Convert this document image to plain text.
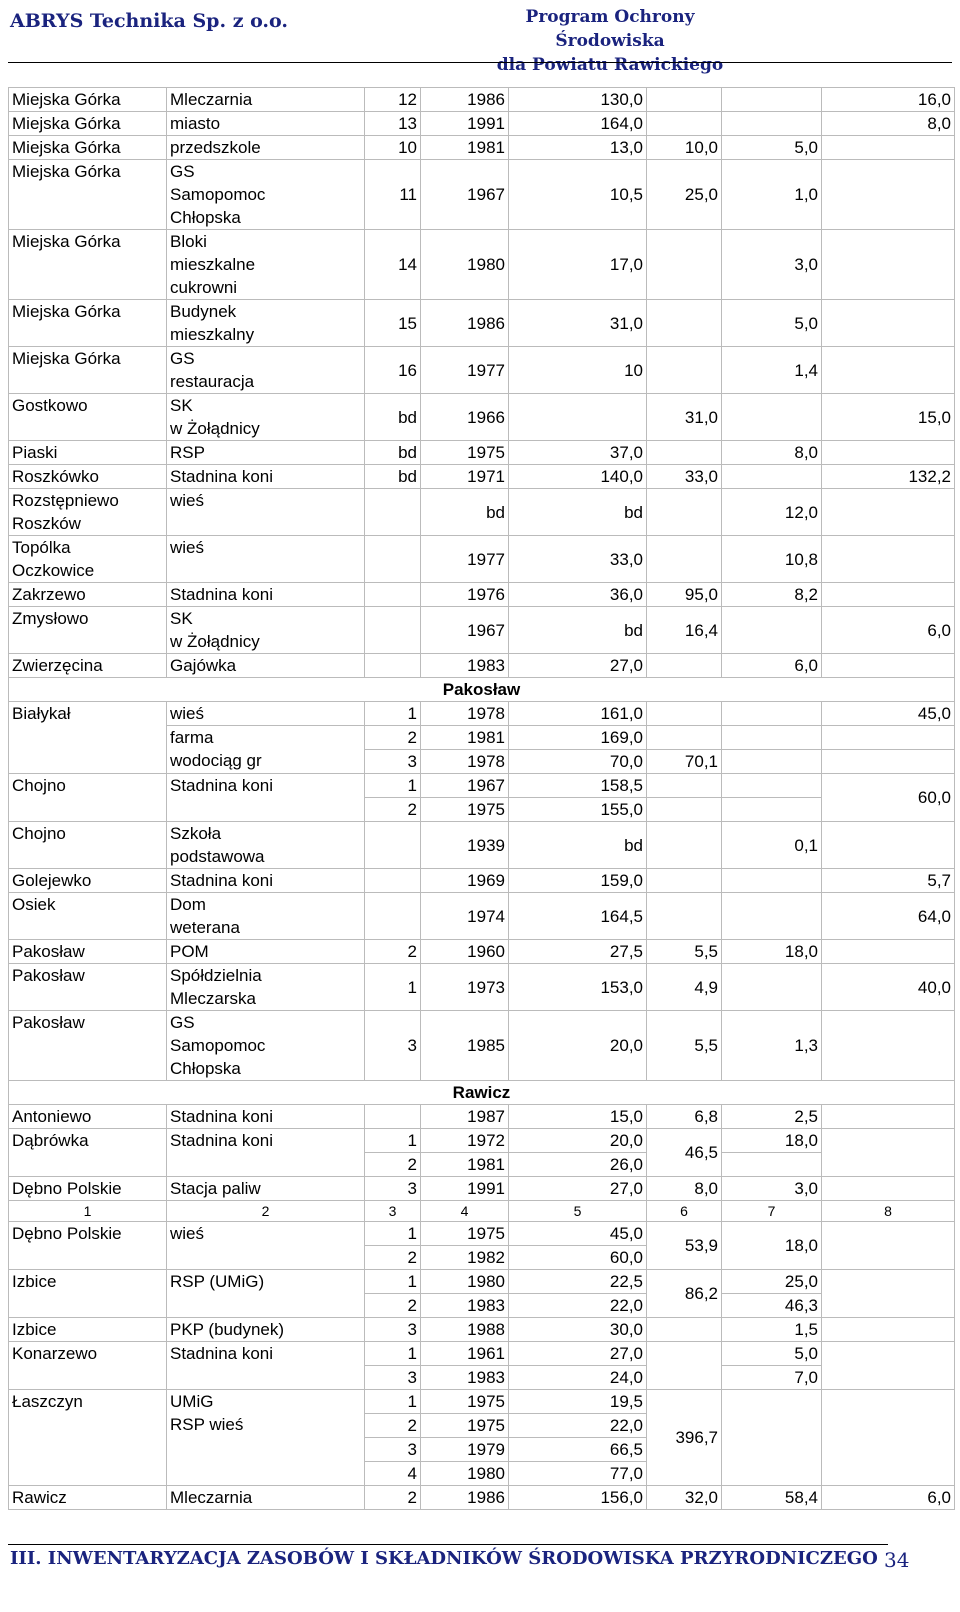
ABRYS Technika Sp. z o.o.	Program Ochrony Środowiska
dla Powiatu Rawickiego
Miejska Górka	Mleczarnia	12	1986	130,0			16,0
Miejska Górka	miasto	13	1991	164,0			8,0
Miejska Górka	przedszkole	10	1981	13,0	10,0	5,0	
Miejska Górka	GS
Samopomoc
Chłopska	11	1967	10,5	25,0	1,0	
Miejska Górka	Bloki
mieszkalne
cukrowni	14	1980	17,0		3,0	
Miejska Górka	Budynek
mieszkalny	15	1986	31,0		5,0	
Miejska Górka	GS
restauracja	16	1977	10		1,4	
Gostkowo	SK
w Żołądnicy	bd	1966		31,0		15,0
Piaski	RSP	bd	1975	37,0		8,0	
Roszkówko	Stadnina koni	bd	1971	140,0	33,0		132,2
Rozstępniewo
Roszków	wieś		bd	bd		12,0	
Topólka
Oczkowice	wieś		1977	33,0		10,8	
Zakrzewo	Stadnina koni		1976	36,0	95,0	8,2	
Zmysłowo	SK
w Żołądnicy		1967	bd	16,4		6,0
Zwierzęcina	Gajówka		1983	27,0		6,0	
Pakosław							
Białykał	wieś	1	1978	161,0			45,0
	farma
wodociąg gr	2	1981	169,0			
		3	1978	70,0	70,1		
Chojno	Stadnina koni	1	1967	158,5			60,0
		2	1975	155,0			
Chojno	Szkoła
podstawowa		1939	bd		0,1	
Golejewko	Stadnina koni		1969	159,0			5,7
Osiek	Dom
weterana		1974	164,5			64,0
Pakosław	POM	2	1960	27,5	5,5	18,0	
Pakosław	Spółdzielnia
Mleczarska	1	1973	153,0	4,9		40,0
Pakosław	GS
Samopomoc
Chłopska	3	1985	20,0	5,5	1,3	
Rawicz							
Antoniewo	Stadnina koni		1987	15,0	6,8	2,5	
Dąbrówka	Stadnina koni	1	1972	20,0	46,5	18,0	
		2	1981	26,0			
Dębno Polskie	Stacja paliw	3	1991	27,0	8,0	3,0	
1	2	3	4	5	6	7	8
Dębno Polskie	wieś	1	1975	45,0	53,9	18,0	
		2	1982	60,0			
Izbice	RSP (UMiG)	1	1980	22,5	86,2	25,0	
		2	1983	22,0		46,3	
Izbice	PKP (budynek)	3	1988	30,0		1,5	
Konarzewo	Stadnina koni	1	1961	27,0		5,0	
		3	1983	24,0		7,0	
Łaszczyn	UMiG
RSP wieś	1	1975	19,5	396,7		
		2	1975	22,0			
		3	1979	66,5			
		4	1980	77,0			
Rawicz	Mleczarnia	2	1986	156,0	32,0	58,4	6,0
III. INWENTARYZACJA ZASOBÓW I SKŁADNIKÓW ŚRODOWISKA PRZYRODNICZEGO 34
